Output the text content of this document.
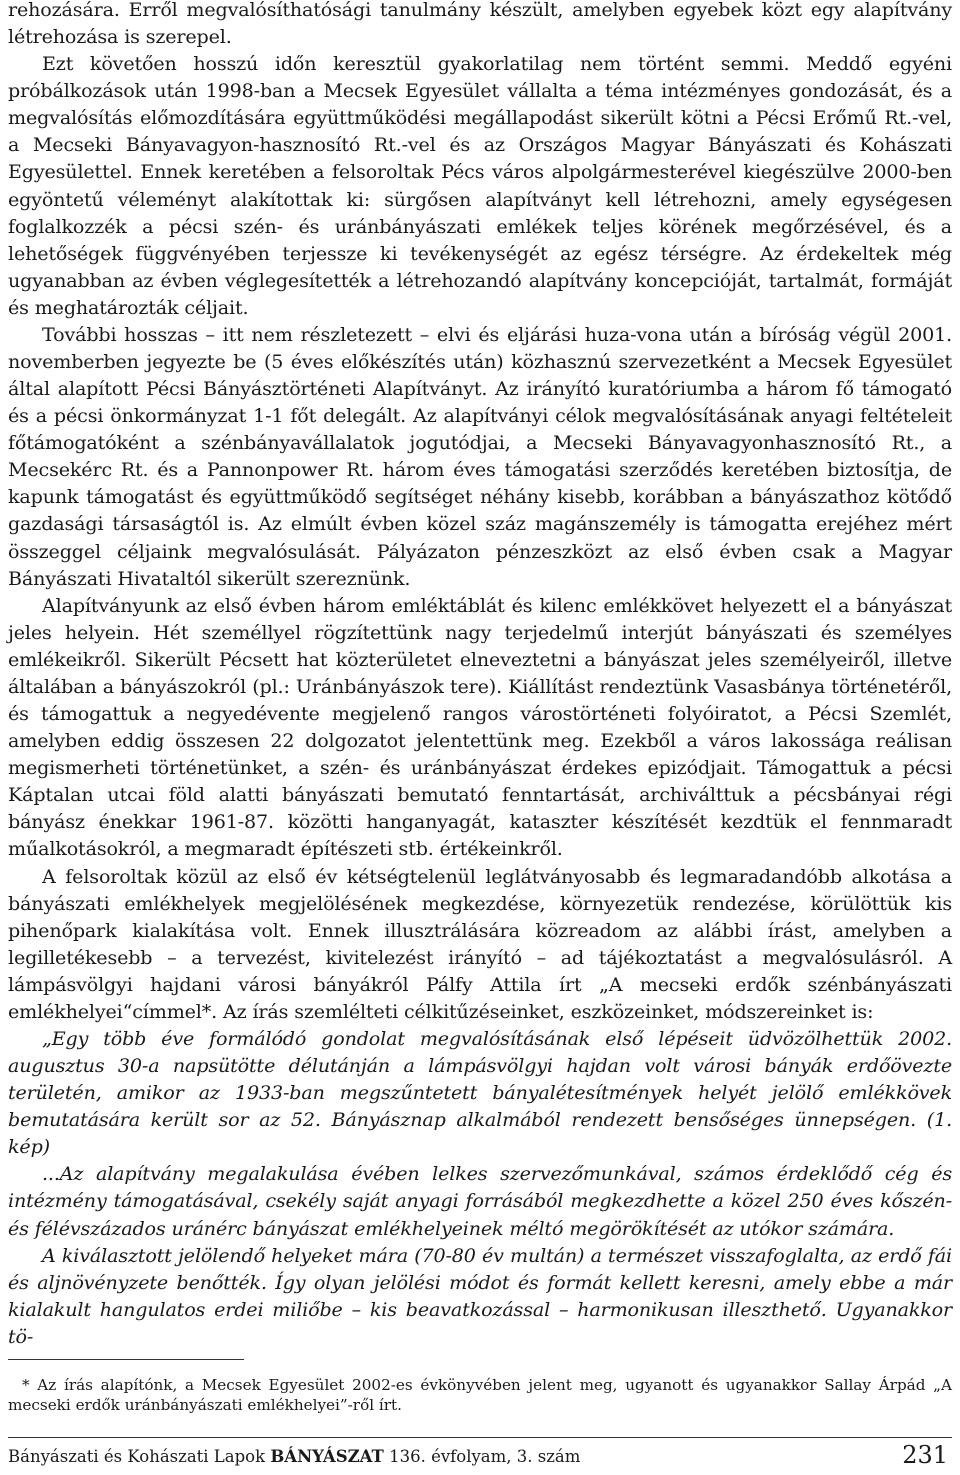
rehozására. Erről megvalósíthatósági tanulmány készült, amelyben egyebek közt egy alapítvány létrehozása is szerepel.

Ezt követően hosszú időn keresztül gyakorlatilag nem történt semmi. Meddő egyéni próbálkozások után 1998-ban a Mecsek Egyesület vállalta a téma intézményes gondozását, és a megvalósítás előmozdítására együttműködési megállapodást sikerült kötni a Pécsi Erőmű Rt.-vel, a Mecseki Bányavagyon-hasznosító Rt.-vel és az Országos Magyar Bányászati és Kohászati Egyesülettel. Ennek keretében a felsoroltak Pécs város alpolgármesterével kiegészülve 2000-ben egyöntetű véleményt alakítottak ki: sürgősen alapítványt kell létrehozni, amely egységesen foglalkozzék a pécsi szén- és uránbányászati emlékek teljes körének megőrzésével, és a lehetőségek függvényében terjessze ki tevékenységét az egész térségre. Az érdekeltek még ugyanabban az évben véglegesítették a létrehozandó alapítvány koncepcióját, tartalmát, formáját és meghatározták céljait.

További hosszas – itt nem részletezett – elvi és eljárási huza-vona után a bíróság végül 2001. novemberben jegyezte be (5 éves előkészítés után) közhasznú szervezetként a Mecsek Egyesület által alapított Pécsi Bányásztörténeti Alapítványt. Az irányító kuratóriumba a három fő támogató és a pécsi önkormányzat 1-1 főt delegált. Az alapítványi célok megvalósításának anyagi feltételeit főtámogatóként a szénbányavállalatok jogutódjai, a Mecseki Bányavagyonhasznosító Rt., a Mecsekérc Rt. és a Pannonpower Rt. három éves támogatási szerződés keretében biztosítja, de kapunk támogatást és együttműködő segítséget néhány kisebb, korábban a bányászathoz kötődő gazdasági társaságtól is. Az elmúlt évben közel száz magánszemély is támogatta erejéhez mért összeggel céljaink megvalósulását. Pályázaton pénzeszközt az első évben csak a Magyar Bányászati Hivataltól sikerült szereznünk.

Alapítványunk az első évben három emléktáblát és kilenc emlékkövet helyezett el a bányászat jeles helyein. Hét személlyel rögzítettünk nagy terjedelmű interjút bányászati és személyes emlékeikről. Sikerült Pécsett hat közterületet elneveztetni a bányászat jeles személyeiről, illetve általában a bányászokról (pl.: Uránbányászok tere). Kiállítást rendeztünk Vasasbánya történetéről, és támogattuk a negyedévente megjelenő rangos várostörténeti folyóiratot, a Pécsi Szemlét, amelyben eddig összesen 22 dolgozatot jelentettünk meg. Ezekből a város lakossága reálisan megismerheti történetünket, a szén- és uránbányászat érdekes epizódjait. Támogattuk a pécsi Káptalan utcai föld alatti bányászati bemutató fenntartását, archiválttuk a pécsbányai régi bányász énekkar 1961-87. közötti hanganyagát, kataszter készítését kezdtük el fennmaradt műalkotásokról, a megmaradt építészeti stb. értékeinkről.

A felsoroltak közül az első év kétségtelenül leglátványosabb és legmaradandóbb alkotása a bányászati emlékhelyek megjelölésének megkezdése, környezetük rendezése, körülöttük kis pihenőpark kialakítása volt. Ennek illusztrálására közreadom az alábbi írást, amelyben a legilletékesebb – a tervezést, kivitelezést irányító – ad tájékoztatást a megvalósulásról. A lámpásvölgyi hajdani városi bányákról Pálfy Attila írt „A mecseki erdők szénbányászati emlékhelyei“címmel*. Az írás szemlélteti célkitűzéseinket, eszközeinket, módszereinket is:

„Egy több éve formálódó gondolat megvalósításának első lépéseit üdvözölhettük 2002. augusztus 30-a napsütötte délutánján a lámpásvölgyi hajdan volt városi bányák erdőövezte területén, amikor az 1933-ban megszűntetett bányalétesítmények helyét jelölő emlékkövek bemutatására került sor az 52. Bányásznap alkalmából rendezett bensőséges ünnepségen. (1. kép)

...Az alapítvány megalakulása évében lelkes szervezőmunkával, számos érdeklődő cég és intézmény támogatásával, csekély saját anyagi forrásából megkezdhette a közel 250 éves kőszén- és félévszázados uránérc bányászat emlékhelyeinek méltó megörökítését az utókor számára.

A kiválasztott jelölendő helyeket mára (70-80 év multán) a természet visszafoglalta, az erdő fái és aljnövényzete benőtték. Így olyan jelölési módot és formát kellett keresni, amely ebbe a már kialakult hangulatos erdei miliőbe – kis beavatkozással – harmonikusan illeszthető. Ugyanakkor tö-

* Az írás alapítónk, a Mecsek Egyesület 2002-es évkönyvében jelent meg, ugyanott és ugyanakkor Sallay Árpád „A mecseki erdők uránbányászati emlékhelyei”-ről írt.
Bányászati és Kohászati Lapok BÁNYÁSZAT 136. évfolyam, 3. szám	231
